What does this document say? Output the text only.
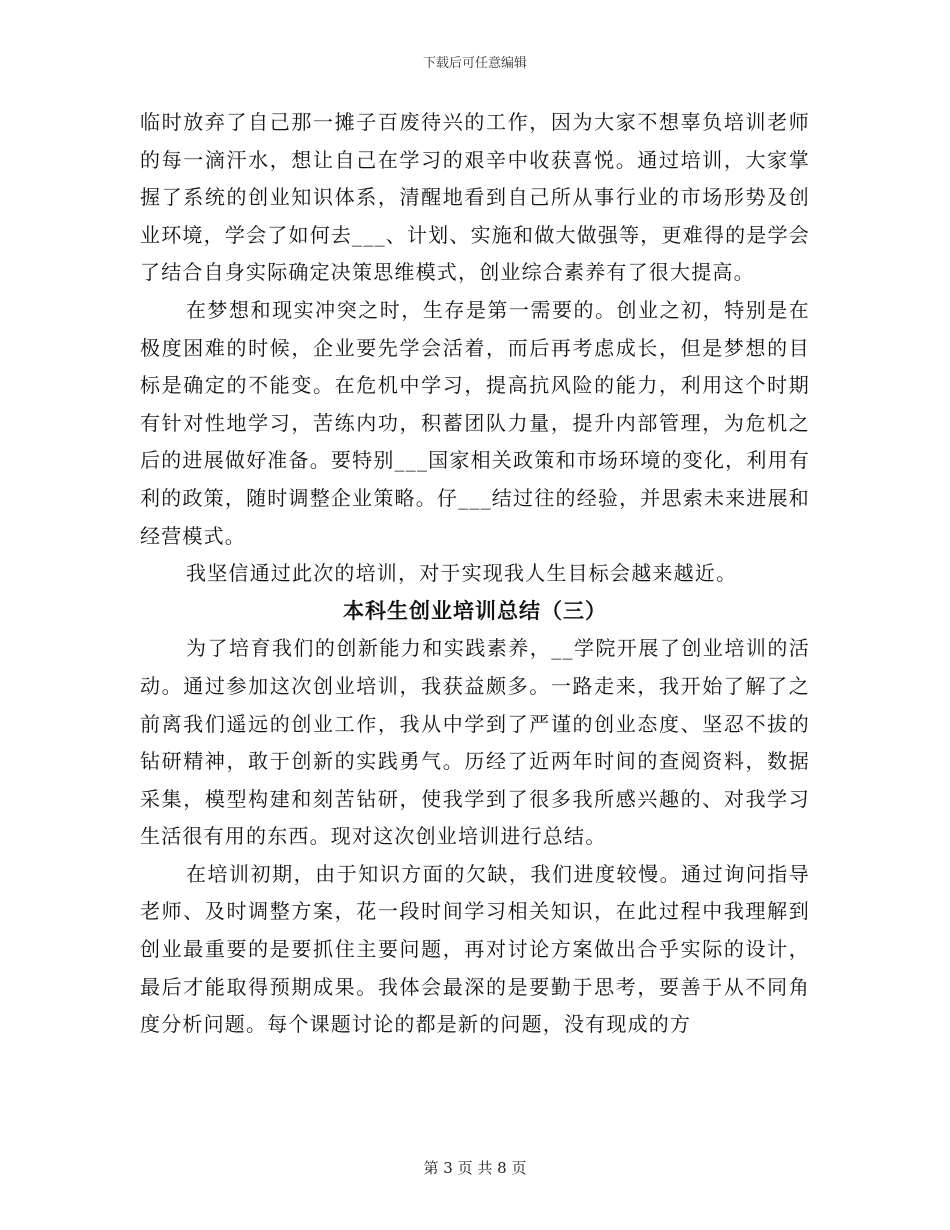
下载后可任意编辑

临时放弃了自己那一摊子百废待兴的工作，因为大家不想辜负培训老师的每一滴汗水，想让自己在学习的艰辛中收获喜悦。通过培训，大家掌握了系统的创业知识体系，清醒地看到自己所从事行业的市场形势及创业环境，学会了如何去___、计划、实施和做大做强等，更难得的是学会了结合自身实际确定决策思维模式，创业综合素养有了很大提高。

在梦想和现实冲突之时，生存是第一需要的。创业之初，特别是在极度困难的时候，企业要先学会活着，而后再考虑成长，但是梦想的目标是确定的不能变。在危机中学习，提高抗风险的能力，利用这个时期有针对性地学习，苦练内功，积蓄团队力量，提升内部管理，为危机之后的进展做好准备。要特别___国家相关政策和市场环境的变化，利用有利的政策，随时调整企业策略。仔___结过往的经验，并思索未来进展和经营模式。

我坚信通过此次的培训，对于实现我人生目标会越来越近。

本科生创业培训总结（三）

为了培育我们的创新能力和实践素养，__学院开展了创业培训的活动。通过参加这次创业培训，我获益颇多。一路走来，我开始了解了之前离我们遥远的创业工作，我从中学到了严谨的创业态度、坚忍不拔的钻研精神，敢于创新的实践勇气。历经了近两年时间的查阅资料，数据采集，模型构建和刻苦钻研，使我学到了很多我所感兴趣的、对我学习生活很有用的东西。现对这次创业培训进行总结。

在培训初期，由于知识方面的欠缺，我们进度较慢。通过询问指导老师、及时调整方案，花一段时间学习相关知识，在此过程中我理解到创业最重要的是要抓住主要问题，再对讨论方案做出合乎实际的设计，最后才能取得预期成果。我体会最深的是要勤于思考，要善于从不同角度分析问题。每个课题讨论的都是新的问题，没有现成的方

第 3 页 共 8 页
